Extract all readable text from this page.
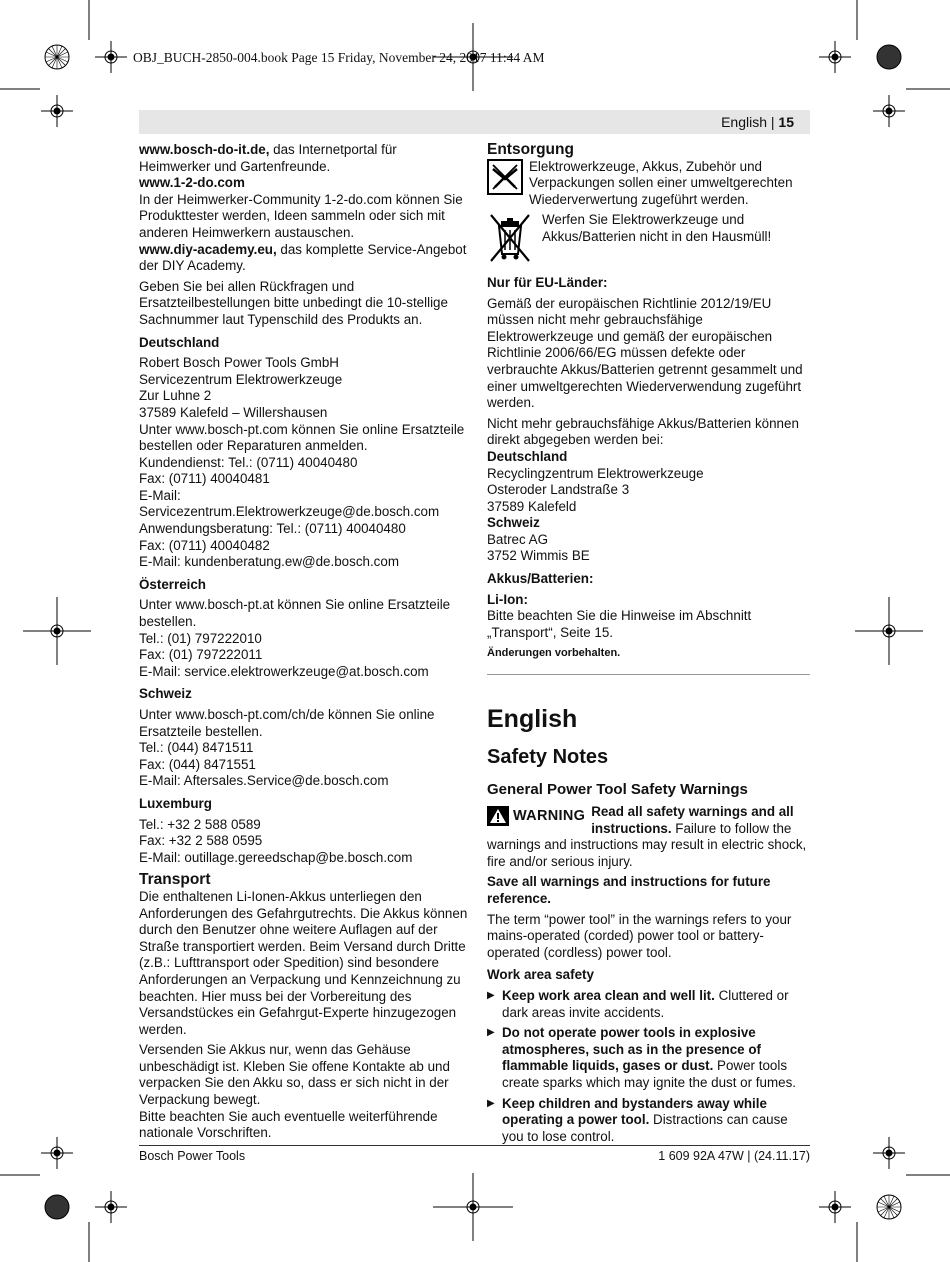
OBJ_BUCH-2850-004.book Page 15 Friday, November 24, 2017 11:44 AM
English | 15

www.bosch-do-it.de, das Internetportal für Heimwerker und Gartenfreunde.

www.1-2-do.com

In der Heimwerker-Community 1-2-do.com können Sie Produkttester werden, Ideen sammeln oder sich mit anderen Heimwerkern austauschen.

www.diy-academy.eu, das komplette Service-Angebot der DIY Academy.

Geben Sie bei allen Rückfragen und Ersatzteilbestellungen bitte unbedingt die 10-stellige Sachnummer laut Typenschild des Produkts an.

Deutschland

Robert Bosch Power Tools GmbH

Servicezentrum Elektrowerkzeuge

Zur Luhne 2

37589 Kalefeld – Willershausen

Unter www.bosch-pt.com können Sie online Ersatzteile bestellen oder Reparaturen anmelden.

Kundendienst: Tel.: (0711) 40040480

Fax: (0711) 40040481

E-Mail: Servicezentrum.Elektrowerkzeuge@de.bosch.com

Anwendungsberatung: Tel.: (0711) 40040480

Fax: (0711) 40040482

E-Mail: kundenberatung.ew@de.bosch.com

Österreich

Unter www.bosch-pt.at können Sie online Ersatzteile bestellen.

Tel.: (01) 797222010

Fax: (01) 797222011

E-Mail: service.elektrowerkzeuge@at.bosch.com

Schweiz

Unter www.bosch-pt.com/ch/de können Sie online Ersatzteile bestellen.

Tel.: (044) 8471511

Fax: (044) 8471551

E-Mail: Aftersales.Service@de.bosch.com

Luxemburg

Tel.: +32 2 588 0589

Fax: +32 2 588 0595

E-Mail: outillage.gereedschap@be.bosch.com

Transport

Die enthaltenen Li-Ionen-Akkus unterliegen den Anforderungen des Gefahrgutrechts. Die Akkus können durch den Benutzer ohne weitere Auflagen auf der Straße transportiert werden. Beim Versand durch Dritte (z.B.: Lufttransport oder Spedition) sind besondere Anforderungen an Verpackung und Kennzeichnung zu beachten. Hier muss bei der Vorbereitung des Versandstückes ein Gefahrgut-Experte hinzugezogen werden.

Versenden Sie Akkus nur, wenn das Gehäuse unbeschädigt ist. Kleben Sie offene Kontakte ab und verpacken Sie den Akku so, dass er sich nicht in der Verpackung bewegt.

Bitte beachten Sie auch eventuelle weiterführende nationale Vorschriften.

Entsorgung

Elektrowerkzeuge, Akkus, Zubehör und Verpackungen sollen einer umweltgerechten Wiederverwertung zugeführt werden.

Werfen Sie Elektrowerkzeuge und Akkus/Batterien nicht in den Hausmüll!

Nur für EU-Länder:

Gemäß der europäischen Richtlinie 2012/19/EU müssen nicht mehr gebrauchsfähige Elektrowerkzeuge und gemäß der europäischen Richtlinie 2006/66/EG müssen defekte oder verbrauchte Akkus/Batterien getrennt gesammelt und einer umweltgerechten Wiederverwendung zugeführt werden.

Nicht mehr gebrauchsfähige Akkus/Batterien können direkt abgegeben werden bei:

Deutschland

Recyclingzentrum Elektrowerkzeuge

Osteroder Landstraße 3

37589 Kalefeld

Schweiz

Batrec AG

3752 Wimmis BE

Akkus/Batterien:

Li-Ion:

Bitte beachten Sie die Hinweise im Abschnitt „Transport“, Seite 15.

Änderungen vorbehalten.

English

Safety Notes

General Power Tool Safety Warnings

WARNING Read all safety warnings and all instructions. Failure to follow the warnings and instructions may result in electric shock, fire and/or serious injury.

Save all warnings and instructions for future reference.

The term “power tool” in the warnings refers to your mains-operated (corded) power tool or battery-operated (cordless) power tool.

Work area safety

▶ Keep work area clean and well lit. Cluttered or dark areas invite accidents.

▶ Do not operate power tools in explosive atmospheres, such as in the presence of flammable liquids, gases or dust. Power tools create sparks which may ignite the dust or fumes.

▶ Keep children and bystanders away while operating a power tool. Distractions can cause you to lose control.

Bosch Power Tools	1 609 92A 47W | (24.11.17)
